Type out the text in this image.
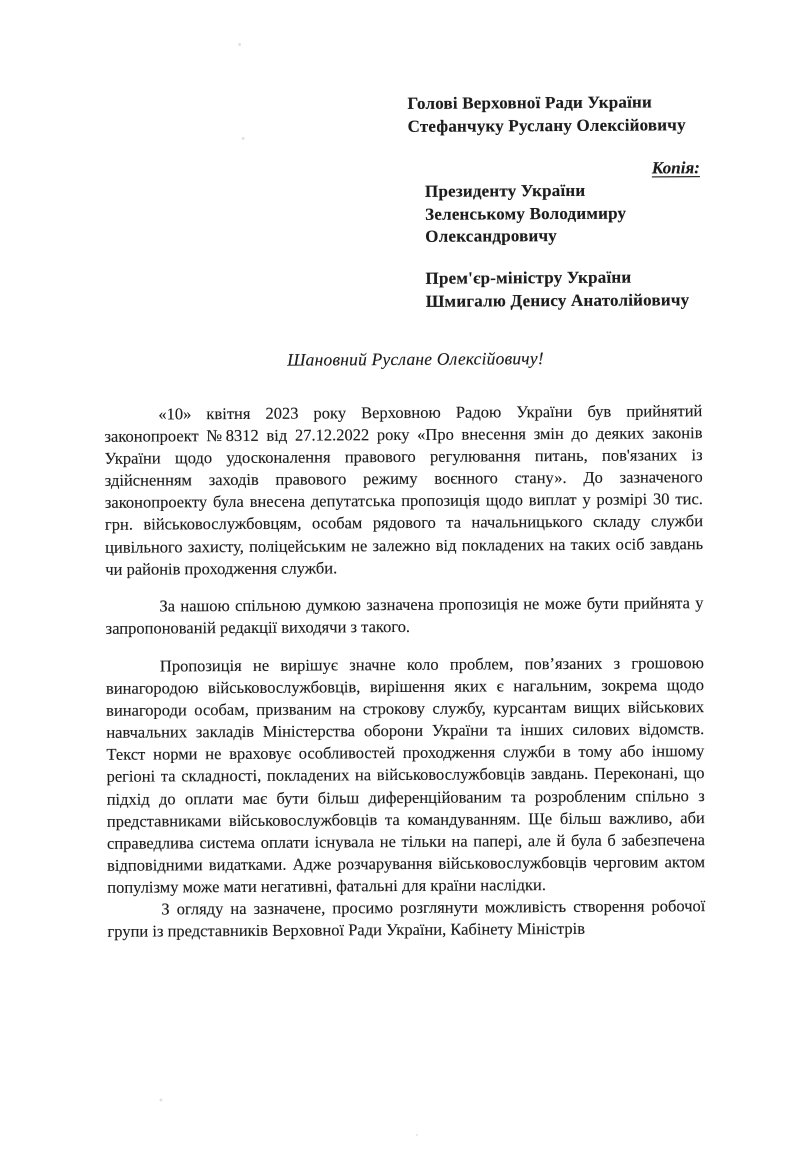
Голові Верховної Ради України
Стефанчуку Руслану Олексійовичу
Копія:
Президенту України
Зеленському Володимиру
Олександровичу
Прем'єр-міністру України
Шмигалю Денису Анатолійовичу
Шановний Руслане Олексійовичу!

«10» квітня 2023 року Верховною Радою України був прийнятий законопроект №8312 від 27.12.2022 року «Про внесення змін до деяких законів України щодо удосконалення правового регулювання питань, пов'язаних із здійсненням заходів правового режиму воєнного стану». До зазначеного законопроекту була внесена депутатська пропозиція щодо виплат у розмірі 30 тис. грн. військовослужбовцям, особам рядового та начальницького складу служби цивільного захисту, поліцейським не залежно від покладених на таких осіб завдань чи районів проходження служби.

За нашою спільною думкою зазначена пропозиція не може бути прийнята у запропонованій редакції виходячи з такого.

Пропозиція не вирішує значне коло проблем, пов’язаних з грошовою винагородою військовослужбовців, вирішення яких є нагальним, зокрема щодо винагороди особам, призваним на строкову службу, курсантам вищих військових навчальних закладів Міністерства оборони України та інших силових відомств. Текст норми не враховує особливостей проходження служби в тому або іншому регіоні та складності, покладених на військовослужбовців завдань. Переконані, що підхід до оплати має бути більш диференційованим та розробленим спільно з представниками військовослужбовців та командуванням. Ще більш важливо, аби справедлива система оплати існувала не тільки на папері, але й була б забезпечена відповідними видатками. Адже розчарування військовослужбовців черговим актом популізму може мати негативні, фатальні для країни наслідки.

З огляду на зазначене, просимо розглянути можливість створення робочої групи із представників Верховної Ради України, Кабінету Міністрів
